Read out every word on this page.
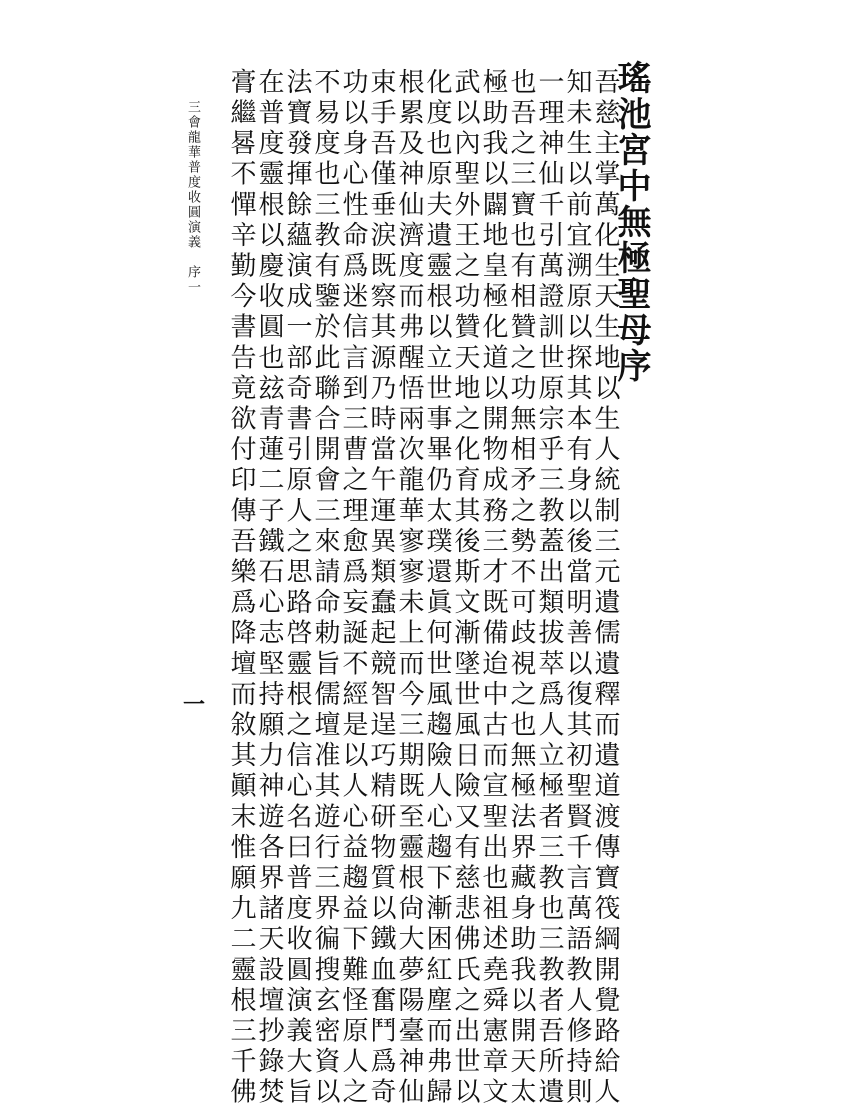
瑤池宮中無極聖母序
吾慈主掌萬化生天生地以生人統制三元遺儒遺釋而遺道渡傳寶筏綱開覺路給人
知未生以前宜溯原以探其本有身以後當明善以復其初聖賢千言萬語教人修持則
一理神仙千引萬證訓世原宗乎三教蓋出類拔萃爲人立極者三教也三教者吾所遺
也吾之三寶也有相贊之功無相矛之勢不可歧視之也無極法界藏身助我以開天太
極助我以闢地皇極化道以開物成務三才既備迨中古而宣聖出也祖述堯舜憲章文
武以內聖外王之功贊天地之化育其後斯文漸墜世風日險又有慈悲佛氏之出世以
化度也原夫遺靈根以立世事畢仍太璞還眞何世風趨險人心趨下漸困紅塵而弗歸
根累及神仙濟度而弗醒悟兩次龍華寥寥未上而今三期既至靈根尙大夢陽臺神仙
束手吾僅垂涙既察其源乃時當午運異類蠢起競智逞巧精研物質以鐵血奮鬥爲奇
功以身心性命爲迷信言到三曹之理愈爲妄誕不經是以人心益趨益下難怪原人之
不易度也三教有鑒於此聯合開會三來請命勅旨儒壇准其遊行三界徧搜玄密資以
法寶發揮餘蘊演成一部奇書引原人之思路啓靈根之信心名曰普度收圓演義大旨
在普度靈根以慶收圓也玆青蓮二子鐵石心志堅持願力神遊各界諸天設壇抄錄焚
膏繼晷不憚辛勤今書告竟欲付印傳吾樂爲降壇而敘其顚末惟願九二靈根三千佛
三會龍華普度收圓演義　序一
一
